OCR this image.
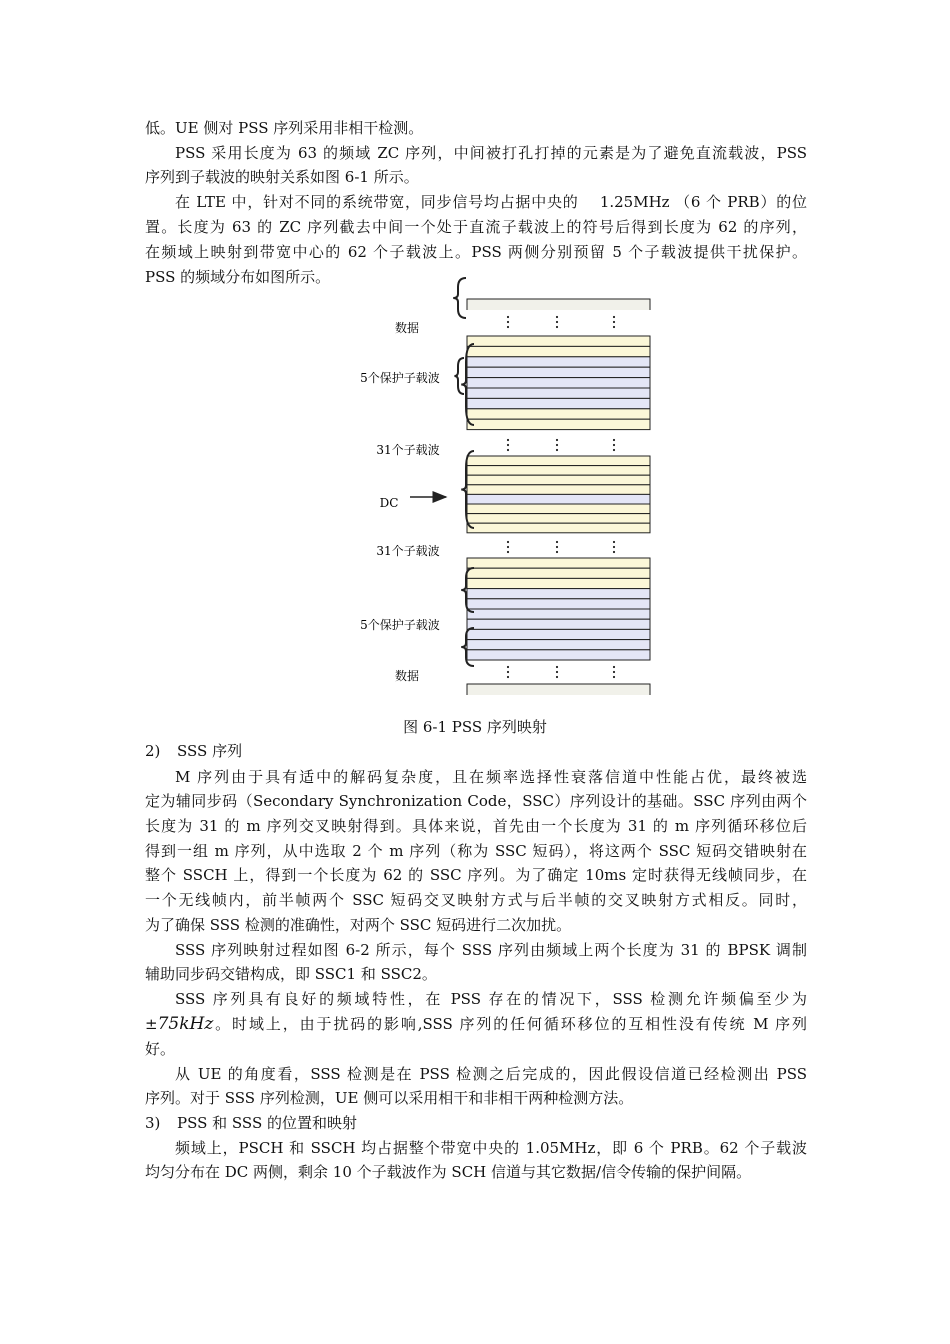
低。UE 侧对 PSS 序列采用非相干检测。
PSS 采用长度为 63 的频域 ZC 序列，中间被打孔打掉的元素是为了避免直流载波，PSS
序列到子载波的映射关系如图 6-1 所示。
在 LTE 中，针对不同的系统带宽，同步信号均占据中央的　 1.25MHz （6 个 PRB）的位
置。长度为 63 的 ZC 序列截去中间一个处于直流子载波上的符号后得到长度为 62 的序列，
在频域上映射到带宽中心的 62 个子载波上。PSS 两侧分别预留 5 个子载波提供干扰保护。
PSS 的频域分布如图所示。
数据
5个保护子载波
31个子载波
DC
31个子载波
5个保护子载波
数据
图 6-1 PSS 序列映射
2) SSS 序列
M 序列由于具有适中的解码复杂度，且在频率选择性衰落信道中性能占优，最终被选
定为辅同步码（Secondary Synchronization Code，SSC）序列设计的基础。SSC 序列由两个
长度为 31 的 m 序列交叉映射得到。具体来说，首先由一个长度为 31 的 m 序列循环移位后
得到一组 m 序列，从中选取 2 个 m 序列（称为 SSC 短码），将这两个 SSC 短码交错映射在
整个 SSCH 上，得到一个长度为 62 的 SSC 序列。为了确定 10ms 定时获得无线帧同步，在
一个无线帧内，前半帧两个 SSC 短码交叉映射方式与后半帧的交叉映射方式相反。同时，
为了确保 SSS 检测的准确性，对两个 SSC 短码进行二次加扰。
SSS 序列映射过程如图 6-2 所示，每个 SSS 序列由频域上两个长度为 31 的 BPSK 调制
辅助同步码交错构成，即 SSC1 和 SSC2。
SSS 序列具有良好的频域特性，在 PSS 存在的情况下，SSS 检测允许频偏至少为
±75kHz。时域上，由于扰码的影响,SSS 序列的任何循环移位的互相性没有传统 M 序列
好。
从 UE 的角度看，SSS 检测是在 PSS 检测之后完成的，因此假设信道已经检测出 PSS
序列。对于 SSS 序列检测，UE 侧可以采用相干和非相干两种检测方法。
3) PSS 和 SSS 的位置和映射
频域上，PSCH 和 SSCH 均占据整个带宽中央的 1.05MHz，即 6 个 PRB。62 个子载波
均匀分布在 DC 两侧，剩余 10 个子载波作为 SCH 信道与其它数据/信令传输的保护间隔。
